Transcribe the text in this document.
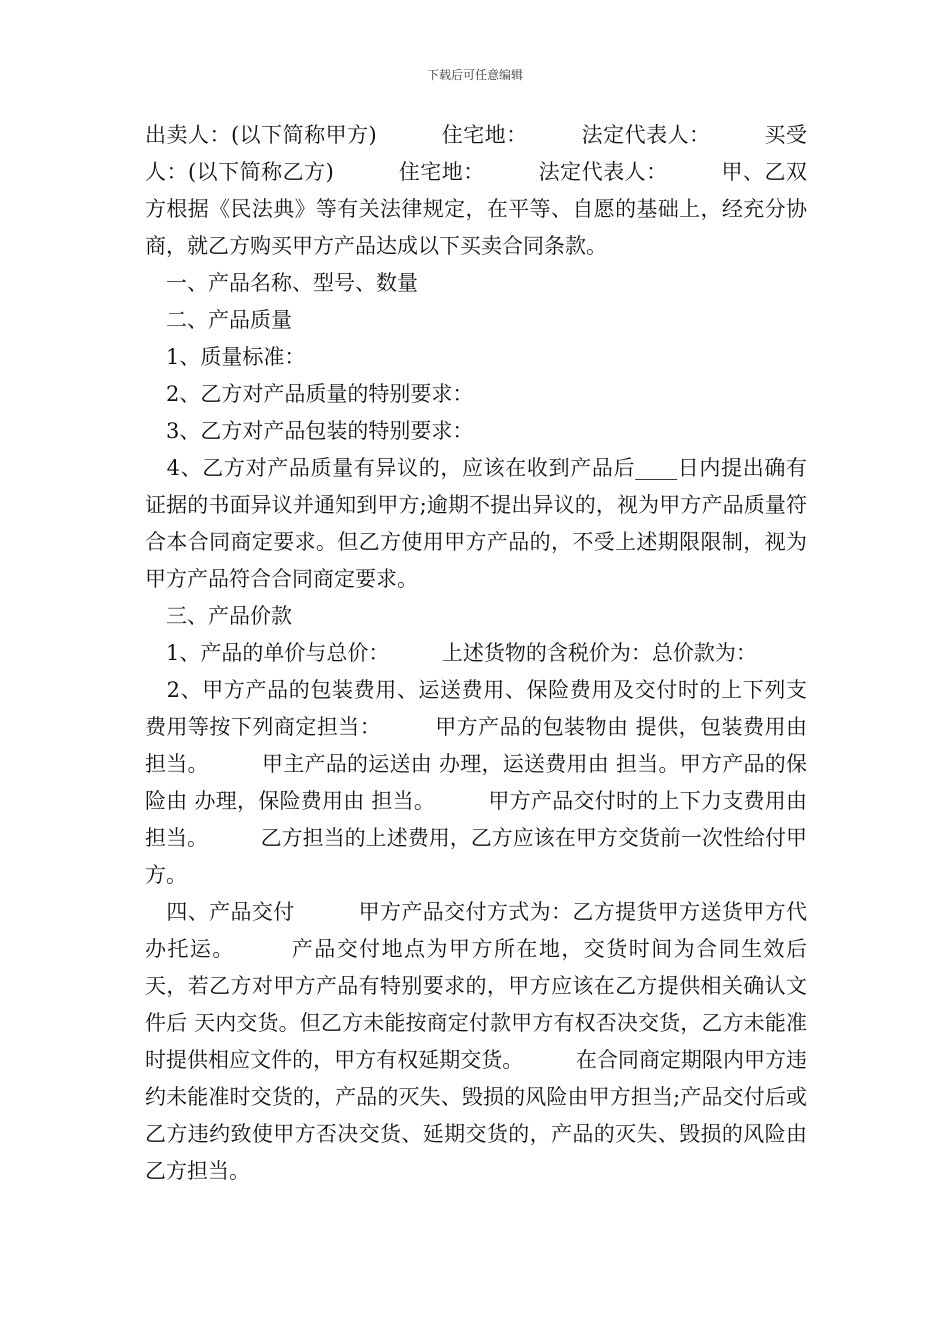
下载后可任意编辑

出卖人：(以下简称甲方)　　　住宅地：　　　法定代表人：　　　买受人：(以下简称乙方)　　　住宅地：　　　法定代表人：　　　甲、乙双方根据《民法典》等有关法律规定，在平等、自愿的基础上，经充分协商，就乙方购买甲方产品达成以下买卖合同条款。

　一、产品名称、型号、数量

　二、产品质量

　1、质量标准：

　2、乙方对产品质量的特别要求：

　3、乙方对产品包装的特别要求：

　4、乙方对产品质量有异议的，应该在收到产品后____日内提出确有证据的书面异议并通知到甲方;逾期不提出异议的，视为甲方产品质量符合本合同商定要求。但乙方使用甲方产品的，不受上述期限限制，视为甲方产品符合合同商定要求。

　三、产品价款

　1、产品的单价与总价：　　　上述货物的含税价为：总价款为：

　2、甲方产品的包装费用、运送费用、保险费用及交付时的上下列支费用等按下列商定担当：　　　甲方产品的包装物由 提供，包装费用由 担当。　　　甲主产品的运送由 办理，运送费用由 担当。甲方产品的保险由 办理，保险费用由 担当。　　　甲方产品交付时的上下力支费用由 担当。　　　乙方担当的上述费用，乙方应该在甲方交货前一次性给付甲方。

　四、产品交付　　　甲方产品交付方式为：乙方提货甲方送货甲方代办托运。　　　产品交付地点为甲方所在地，交货时间为合同生效后 天，若乙方对甲方产品有特别要求的，甲方应该在乙方提供相关确认文件后 天内交货。但乙方未能按商定付款甲方有权否决交货，乙方未能准时提供相应文件的，甲方有权延期交货。　　　在合同商定期限内甲方违约未能准时交货的，产品的灭失、毁损的风险由甲方担当;产品交付后或乙方违约致使甲方否决交货、延期交货的，产品的灭失、毁损的风险由乙方担当。
